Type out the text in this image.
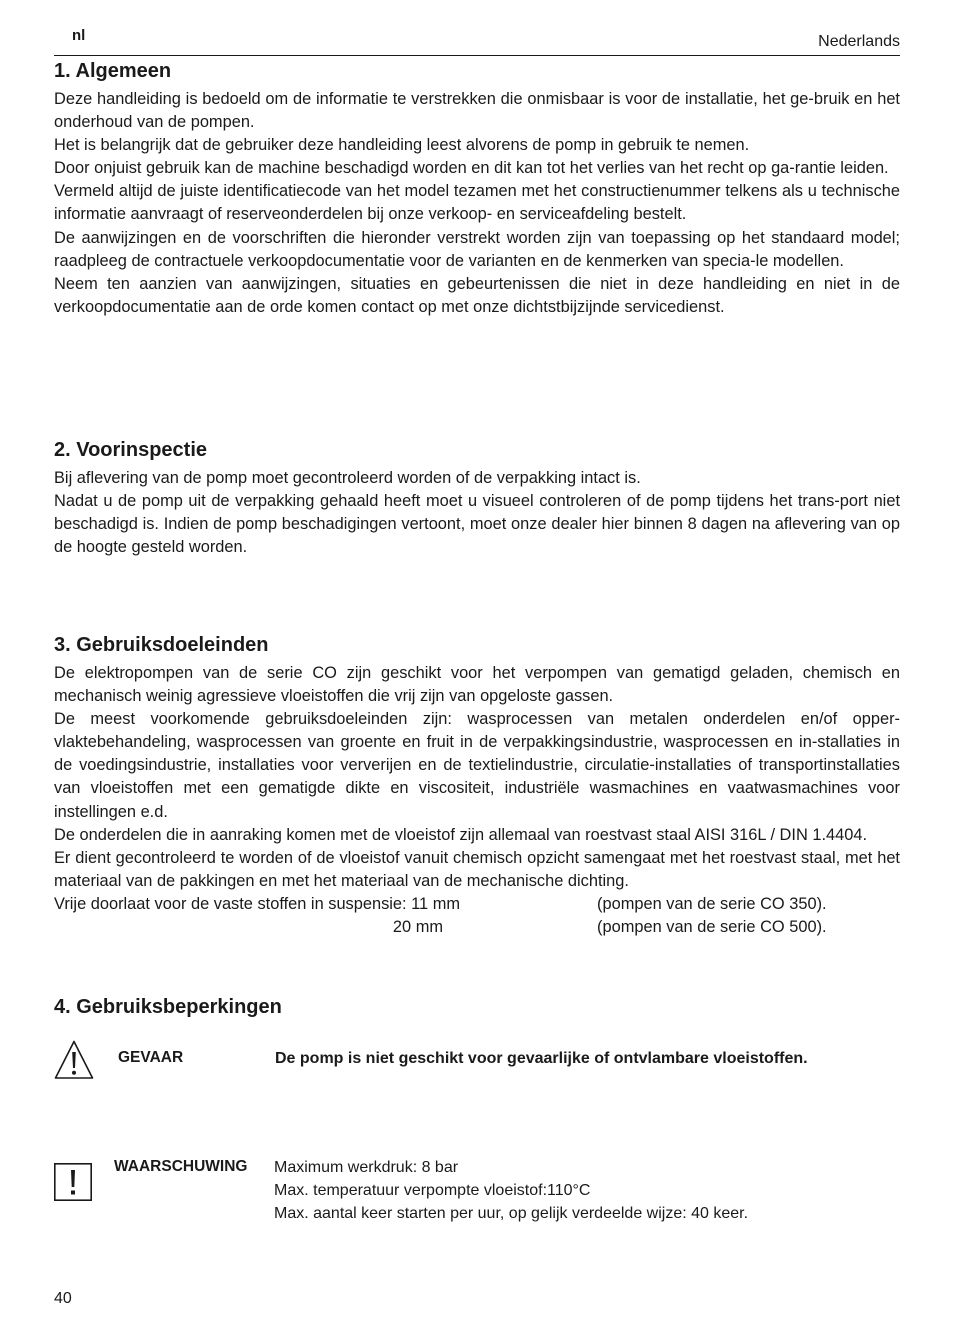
nl	Nederlands
1. Algemeen

Deze handleiding is bedoeld om de informatie te verstrekken die onmisbaar is voor de installatie, het ge-bruik en het onderhoud van de pompen.

Het is belangrijk dat de gebruiker deze handleiding leest alvorens de pomp in gebruik te nemen.

Door onjuist gebruik kan de machine beschadigd worden en dit kan tot het verlies van het recht op ga-rantie leiden.

Vermeld altijd de juiste identificatiecode van het model tezamen met het constructienummer telkens als u technische informatie aanvraagt of reserveonderdelen bij onze verkoop- en serviceafdeling bestelt.

De aanwijzingen en de voorschriften die hieronder verstrekt worden zijn van toepassing op het standaard model; raadpleeg de contractuele verkoopdocumentatie voor de varianten en de kenmerken van specia-le modellen.

Neem ten aanzien van aanwijzingen, situaties en gebeurtenissen die niet in deze handleiding en niet in de verkoopdocumentatie aan de orde komen contact op met onze dichtstbijzijnde servicedienst.

2. Voorinspectie

Bij aflevering van de pomp moet gecontroleerd worden of de verpakking intact is.

Nadat u de pomp uit de verpakking gehaald heeft moet u visueel controleren of de pomp tijdens het trans-port niet beschadigd is. Indien de pomp beschadigingen vertoont, moet onze dealer hier binnen 8 dagen na aflevering van op de hoogte gesteld worden.

3. Gebruiksdoeleinden

De elektropompen van de serie CO zijn geschikt voor het verpompen van gematigd geladen, chemisch en mechanisch weinig agressieve vloeistoffen die vrij zijn van opgeloste gassen.

De meest voorkomende gebruiksdoeleinden zijn: wasprocessen van metalen onderdelen en/of opper-vlaktebehandeling, wasprocessen van groente en fruit in de verpakkingsindustrie, wasprocessen en in-stallaties in de voedingsindustrie, installaties voor ververijen en de textielindustrie, circulatie-installaties of transportinstallaties van vloeistoffen met een gematigde dikte en viscositeit, industriële wasmachines en vaatwasmachines voor instellingen e.d.

De onderdelen die in aanraking komen met de vloeistof zijn allemaal van roestvast staal AISI 316L / DIN 1.4404.

Er dient gecontroleerd te worden of de vloeistof vanuit chemisch opzicht samengaat met het roestvast staal, met het materiaal van de pakkingen en met het materiaal van de mechanische dichting.

Vrije doorlaat voor de vaste stoffen in suspensie: 11 mm	(pompen van de serie CO 350).
20 mm	(pompen van de serie CO 500).
4. Gebruiksbeperkingen
GEVAAR	De pomp is niet geschikt voor gevaarlijke of ontvlambare vloeistoffen.
WAARSCHUWING Maximum werkdruk: 8 bar
Max. temperatuur verpompte vloeistof:110°C
Max. aantal keer starten per uur, op gelijk verdeelde wijze: 40 keer.
40
